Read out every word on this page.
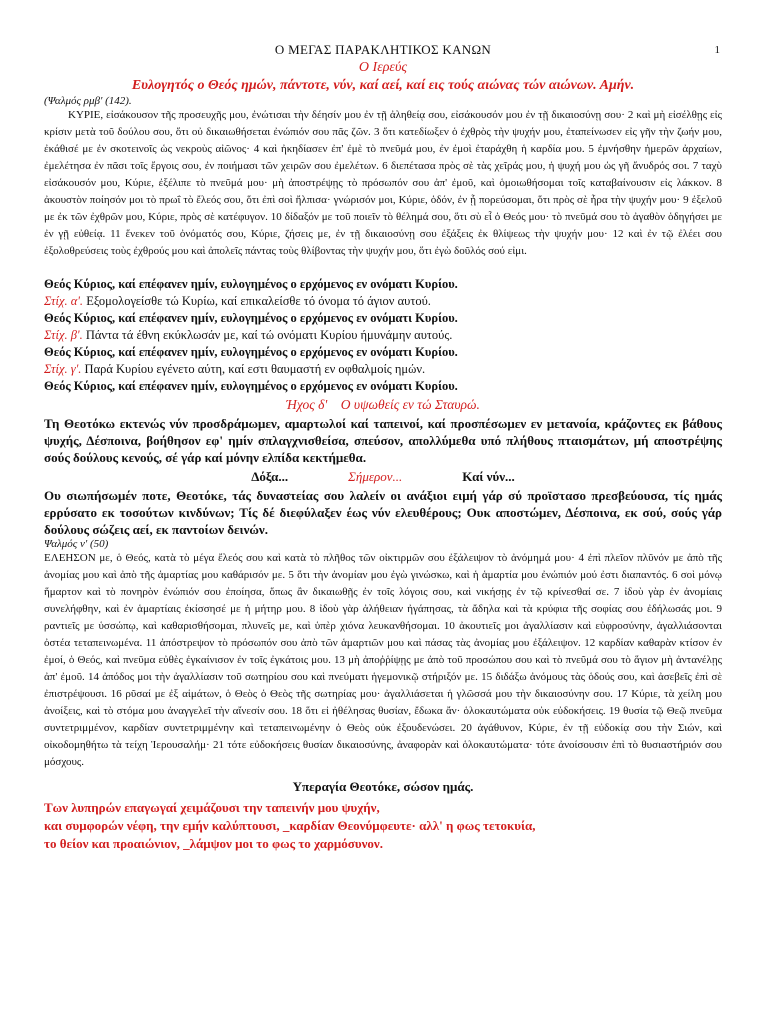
1

Ο ΜΕΓΑΣ ΠΑΡΑΚΛΗΤΙΚΟΣ ΚΑΝΩΝ

Ο Ιερεύς

Ευλογητός ο Θεός ημών, πάντοτε, νύν, καί αεί, καί εις τούς αιώνας τών αιώνων. Αμήν.

(Ψαλμός ρμβ' (142).

ΚΥΡΙΕ, εἰσάκουσον τῆς προσευχῆς μου, ἐνώτισαι τὴν δέησίν μου ἐν τῇ ἀληθείᾳ σου, εἰσάκουσόν μου ἐν τῇ δικαιοσύνῃ σου· 2 καὶ μὴ εἰσέλθῃς εἰς κρίσιν μετὰ τοῦ δούλου σου, ὅτι οὐ δικαιωθήσεται ἐνώπιόν σου πᾶς ζῶν. 3 ὅτι κατεδίωξεν ὁ ἐχθρὸς τὴν ψυχήν μου, ἐταπείνωσεν εἰς γῆν τὴν ζωήν μου, ἐκάθισέ με ἐν σκοτεινοῖς ὡς νεκροὺς αἰῶνος· 4 καὶ ἠκηδίασεν ἐπ' ἐμὲ τὸ πνεῦμά μου, ἐν ἐμοὶ ἐταράχθη ἡ καρδία μου. 5 ἐμνήσθην ἡμερῶν ἀρχαίων, ἐμελέτησα ἐν πᾶσι τοῖς ἔργοις σου, ἐν ποιήμασι τῶν χειρῶν σου ἐμελέτων. 6 διεπέτασα πρὸς σὲ τὰς χεῖράς μου, ἡ ψυχή μου ὡς γῆ ἄνυδρός σοι. 7 ταχὺ εἰσάκουσόν μου, Κύριε, ἐξέλιπε τὸ πνεῦμά μου· μὴ ἀποστρέψῃς τὸ πρόσωπόν σου ἀπ' ἐμοῦ, καὶ ὁμοιωθήσομαι τοῖς καταβαίνουσιν εἰς λάκκον. 8 ἀκουστὸν ποίησόν μοι τὸ πρωΐ τὸ ἔλεός σου, ὅτι ἐπὶ σοὶ ἤλπισα· γνώρισόν μοι, Κύριε, ὁδόν, ἐν ᾗ πορεύσομαι, ὅτι πρὸς σὲ ἦρα τὴν ψυχήν μου· 9 ἐξελοῦ με ἐκ τῶν ἐχθρῶν μου, Κύριε, πρὸς σὲ κατέφυγον. 10 δίδαξόν με τοῦ ποιεῖν τὸ θέλημά σου, ὅτι σὺ εἶ ὁ Θεός μου· τὸ πνεῦμά σου τὸ ἀγαθὸν ὁδηγήσει με ἐν γῇ εὐθείᾳ. 11 ἕνεκεν τοῦ ὀνόματός σου, Κύριε, ζήσεις με, ἐν τῇ δικαιοσύνῃ σου ἐξάξεις ἐκ θλίψεως τὴν ψυχήν μου· 12 καὶ ἐν τῷ ἐλέει σου ἐξολοθρεύσεις τοὺς ἐχθρούς μου καὶ ἀπολεῖς πάντας τοὺς θλίβοντας τὴν ψυχήν μου, ὅτι ἐγὼ δοῦλός σού εἰμι.

Θεός Κύριος, καί επέφανεν ημίν, ευλογημένος ο ερχόμενος εν ονόματι Κυρίου.

Στίχ. α'. Εξομολογείσθε τώ Κυρίω, καί επικαλείσθε τό όνομα τό άγιον αυτού.

Θεός Κύριος, καί επέφανεν ημίν, ευλογημένος ο ερχόμενος εν ονόματι Κυρίου.

Στίχ. β'. Πάντα τά έθνη εκύκλωσάν με, καί τώ ονόματι Κυρίου ήμυνάμην αυτούς.

Θεός Κύριος, καί επέφανεν ημίν, ευλογημένος ο ερχόμενος εν ονόματι Κυρίου.

Στίχ. γ'. Παρά Κυρίου εγένετο αύτη, καί εστι θαυμαστή εν οφθαλμοίς ημών.

Θεός Κύριος, καί επέφανεν ημίν, ευλογημένος ο ερχόμενος εν ονόματι Κυρίου.

Ήχος δ' Ο υψωθείς εν τώ Σταυρώ.

Τη Θεοτόκω εκτενώς νύν προσδράμωμεν, αμαρτωλοί καί ταπεινοί, καί προσπέσωμεν εν μετανοία, κράζοντες εκ βάθους ψυχής, Δέσποινα, βοήθησον εφ' ημίν σπλαγχνισθείσα, σπεύσον, απολλύμεθα υπό πλήθους πταισμάτων, μή αποστρέψης σούς δούλους κενούς, σέ γάρ καί μόνην ελπίδα κεκτήμεθα.

Δόξα...	Σήμερον...	Καί νύν...

Ου σιωπήσωμέν ποτε, Θεοτόκε, τάς δυναστείας σου λαλείν οι ανάξιοι ειμή γάρ σύ προϊστασο πρεσβεύουσα, τίς ημάς ερρύσατο εκ τοσούτων κινδύνων; Τίς δέ διεφύλαξεν έως νύν ελευθέρους; Ουκ αποστώμεν, Δέσποινα, εκ σού, σούς γάρ δούλους σώζεις αεί, εκ παντοίων δεινών.

Ψαλμός ν' (50)

ΕΛΕΗΣΟΝ με, ὁ Θεός, κατὰ τὸ μέγα ἔλεός σου καὶ κατὰ τὸ πλῆθος τῶν οἰκτιρμῶν σου ἐξάλειψον τὸ ἀνόμημά μου· 4 ἐπὶ πλεῖον πλῦνόν με ἀπὸ τῆς ἀνομίας μου καὶ ἀπὸ τῆς ἁμαρτίας μου καθάρισόν με. 5 ὅτι τὴν ἀνομίαν μου ἐγὼ γινώσκω, καὶ ἡ ἁμαρτία μου ἐνώπιόν μού ἐστι διαπαντός. 6 σοὶ μόνῳ ἥμαρτον καὶ τὸ πονηρὸν ἐνώπιόν σου ἐποίησα, ὅπως ἂν δικαιωθῇς ἐν τοῖς λόγοις σου, καὶ νικήσῃς ἐν τῷ κρίνεσθαί σε. 7 ἰδοὺ γὰρ ἐν ἀνομίαις συνελήφθην, καὶ ἐν ἁμαρτίαις ἐκίσσησέ με ἡ μήτηρ μου. 8 ἰδοὺ γὰρ ἀλήθειαν ἠγάπησας, τὰ ἄδηλα καὶ τὰ κρύφια τῆς σοφίας σου ἐδήλωσάς μοι. 9 ραντιεῖς με ὑσσώπῳ, καὶ καθαρισθήσομαι, πλυνεῖς με, καὶ ὑπὲρ χιόνα λευκανθήσομαι. 10 ἀκουτιεῖς μοι ἀγαλλίασιν καὶ εὐφροσύνην, ἀγαλλιάσονται ὀστέα τεταπεινωμένα. 11 ἀπόστρεψον τὸ πρόσωπόν σου ἀπὸ τῶν ἁμαρτιῶν μου καὶ πάσας τὰς ἀνομίας μου ἐξάλειψον. 12 καρδίαν καθαρὰν κτίσον ἐν ἐμοί, ὁ Θεός, καὶ πνεῦμα εὐθὲς ἐγκαίνισον ἐν τοῖς ἐγκάτοις μου. 13 μὴ ἀποῤῥίψῃς με ἀπὸ τοῦ προσώπου σου καὶ τὸ πνεῦμά σου τὸ ἅγιον μὴ ἀντανέλῃς ἀπ' ἐμοῦ. 14 ἀπόδος μοι τὴν ἀγαλλίασιν τοῦ σωτηρίου σου καὶ πνεύματι ἡγεμονικῷ στήριξόν με. 15 διδάξω ἀνόμους τὰς ὁδούς σου, καὶ ἀσεβεῖς ἐπὶ σὲ ἐπιστρέψουσι. 16 ρῦσαί με ἐξ αἱμάτων, ὁ Θεὸς ὁ Θεὸς τῆς σωτηρίας μου· ἀγαλλιάσεται ἡ γλῶσσά μου τὴν δικαιοσύνην σου. 17 Κύριε, τὰ χείλη μου ἀνοίξεις, καὶ τὸ στόμα μου ἀναγγελεῖ τὴν αἴνεσίν σου. 18 ὅτι εἰ ἠθέλησας θυσίαν, ἔδωκα ἄν· ὁλοκαυτώματα οὐκ εὐδοκήσεις. 19 θυσία τῷ Θεῷ πνεῦμα συντετριμμένον, καρδίαν συντετριμμένην καὶ τεταπεινωμένην ὁ Θεὸς οὐκ ἐξουδενώσει. 20 ἀγάθυνον, Κύριε, ἐν τῇ εὐδοκίᾳ σου τὴν Σιών, καὶ οἰκοδομηθήτω τὰ τείχη Ἱερουσαλήμ· 21 τότε εὐδοκήσεις θυσίαν δικαιοσύνης, ἀναφορὰν καὶ ὁλοκαυτώματα· τότε ἀνοίσουσιν ἐπὶ τὸ θυσιαστήριόν σου μόσχους.

Υπεραγία Θεοτόκε, σώσον ημάς.

Των λυπηρών επαγωγαί χειμάζουσι την ταπεινήν μου ψυχήν,

και συμφορών νέφη, την εμήν καλύπτουσι, _καρδίαν Θεονύμφευτε· αλλ' η φως τετοκυία,

το θείον και προαιώνιον, _λάμψον μοι το φως το χαρμόσυνον.
